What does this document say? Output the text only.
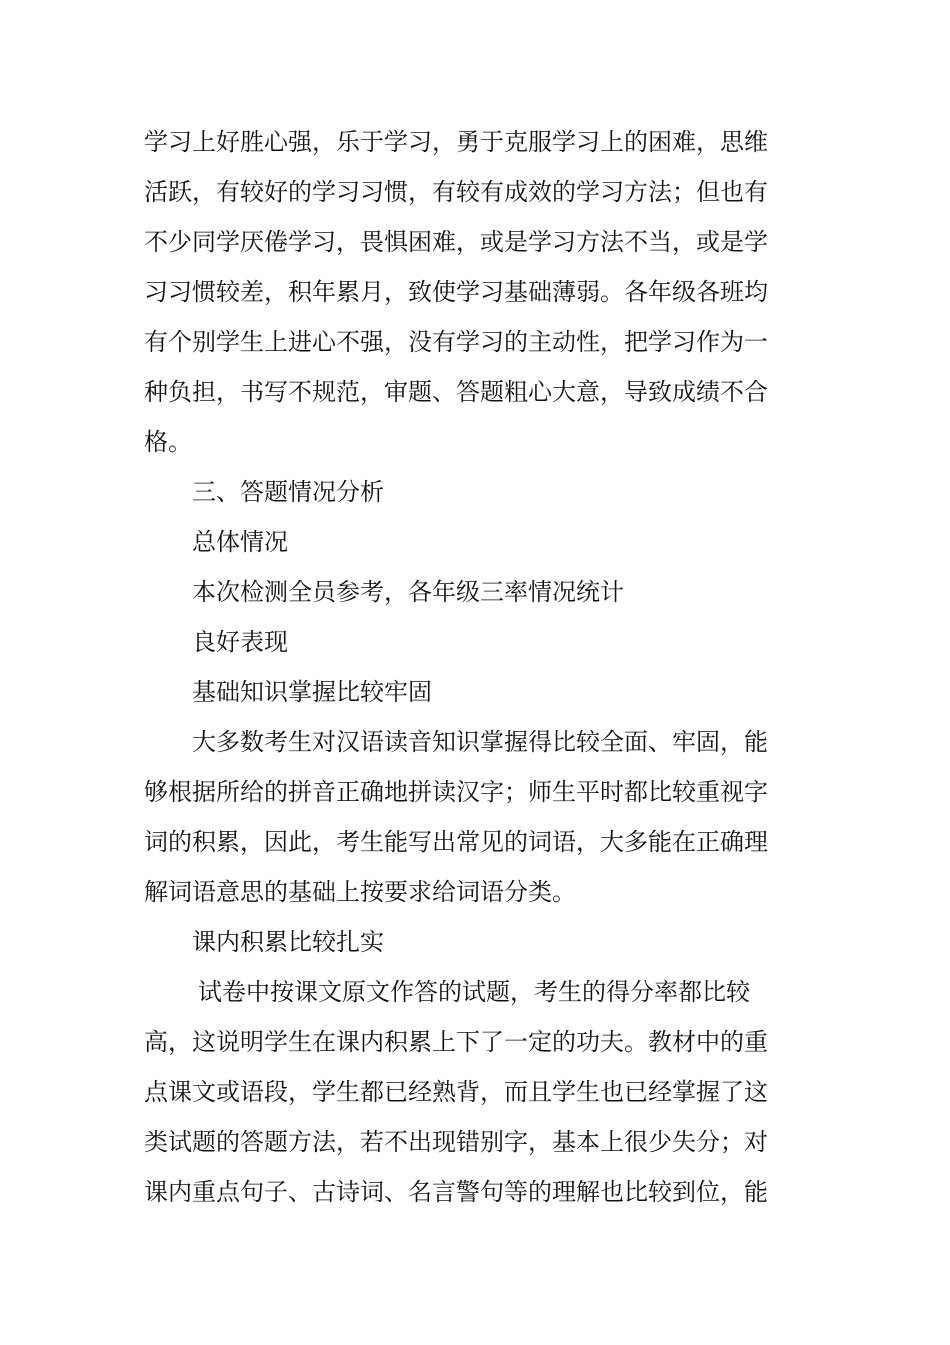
学习上好胜心强，乐于学习，勇于克服学习上的困难，思维
活跃，有较好的学习习惯，有较有成效的学习方法；但也有
不少同学厌倦学习，畏惧困难，或是学习方法不当，或是学
习习惯较差，积年累月，致使学习基础薄弱。各年级各班均
有个别学生上进心不强，没有学习的主动性，把学习作为一
种负担，书写不规范，审题、答题粗心大意，导致成绩不合
格。
三、答题情况分析
总体情况
本次检测全员参考，各年级三率情况统计
良好表现
基础知识掌握比较牢固
大多数考生对汉语读音知识掌握得比较全面、牢固，能
够根据所给的拼音正确地拼读汉字；师生平时都比较重视字
词的积累，因此，考生能写出常见的词语，大多能在正确理
解词语意思的基础上按要求给词语分类。
课内积累比较扎实
试卷中按课文原文作答的试题，考生的得分率都比较
高，这说明学生在课内积累上下了一定的功夫。教材中的重
点课文或语段，学生都已经熟背，而且学生也已经掌握了这
类试题的答题方法，若不出现错别字，基本上很少失分；对
课内重点句子、古诗词、名言警句等的理解也比较到位，能
